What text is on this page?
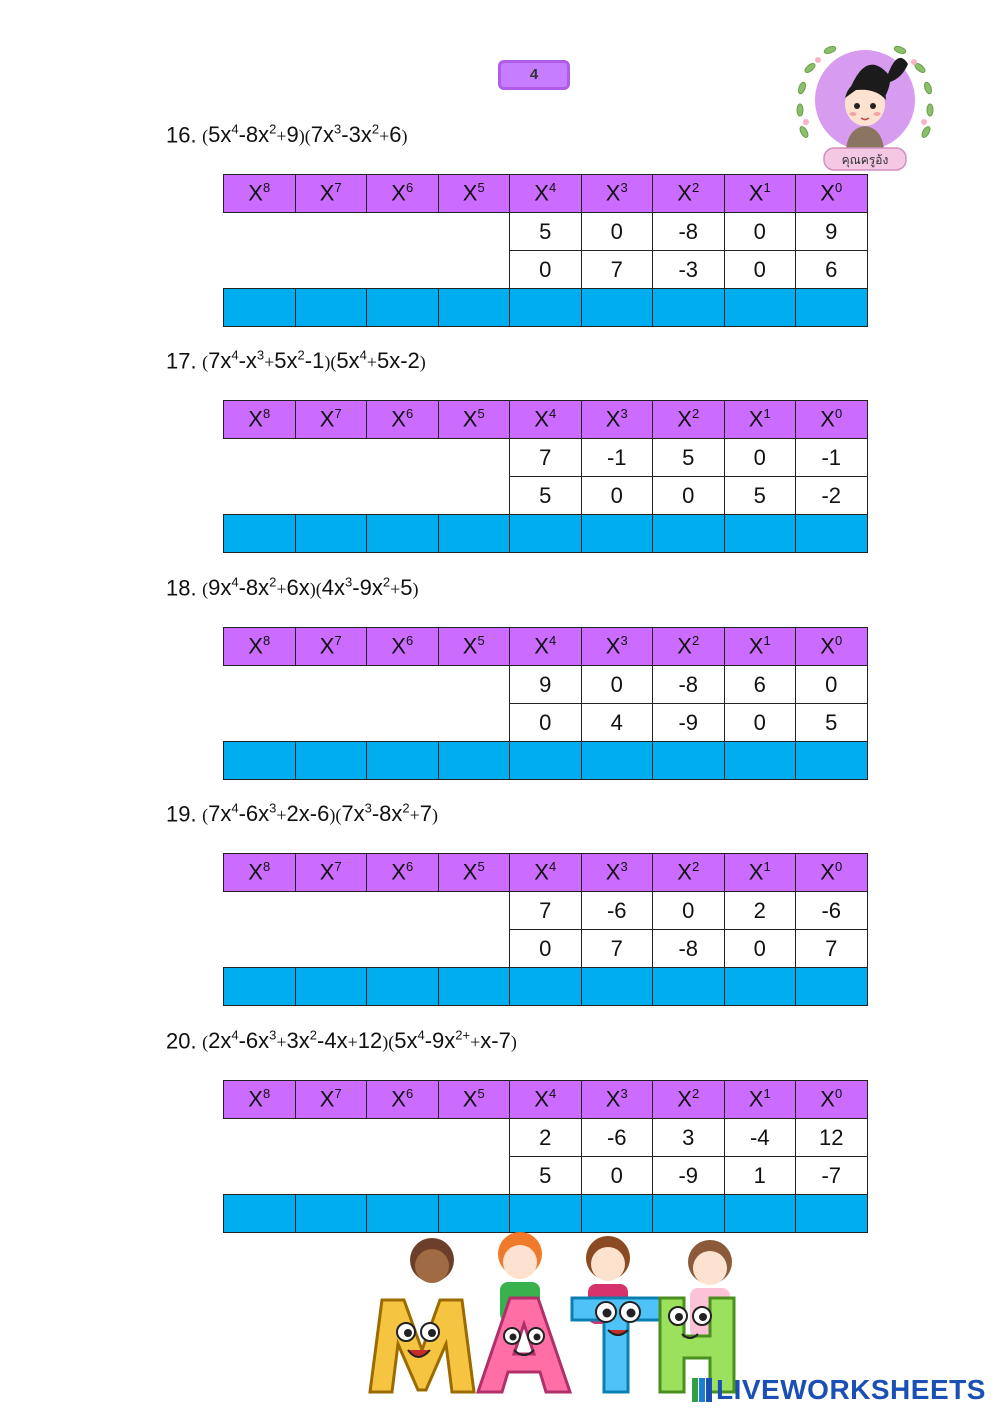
4
คุณครูอ้ง
16. $(5x^4-8x^2+9)(7x^3-3x^2+6)$
$X^8$	$X^7$	$X^6$	$X^5$	$X^4$	$X^3$	$X^2$	$X^1$	$X^0$
				5	0	-8	0	9
				0	7	-3	0	6

17. $(7x^4-x^3+5x^2-1)(5x^4+5x-2)$
$X^8$	$X^7$	$X^6$	$X^5$	$X^4$	$X^3$	$X^2$	$X^1$	$X^0$
				7	-1	5	0	-1
				5	0	0	5	-2

18. $(9x^4-8x^2+6x)(4x^3-9x^2+5)$
$X^8$	$X^7$	$X^6$	$X^5$	$X^4$	$X^3$	$X^2$	$X^1$	$X^0$
				9	0	-8	6	0
				0	4	-9	0	5

19. $(7x^4-6x^3+2x-6)(7x^3-8x^2+7)$
$X^8$	$X^7$	$X^6$	$X^5$	$X^4$	$X^3$	$X^2$	$X^1$	$X^0$
				7	-6	0	2	-6
				0	7	-8	0	7

20. $(2x^4-6x^3+3x^2-4x+12)(5x^4-9x^{2+}+x-7)$
$X^8$	$X^7$	$X^6$	$X^5$	$X^4$	$X^3$	$X^2$	$X^1$	$X^0$
				2	-6	3	-4	12
				5	0	-9	1	-7

LIVEWORKSHEETS
